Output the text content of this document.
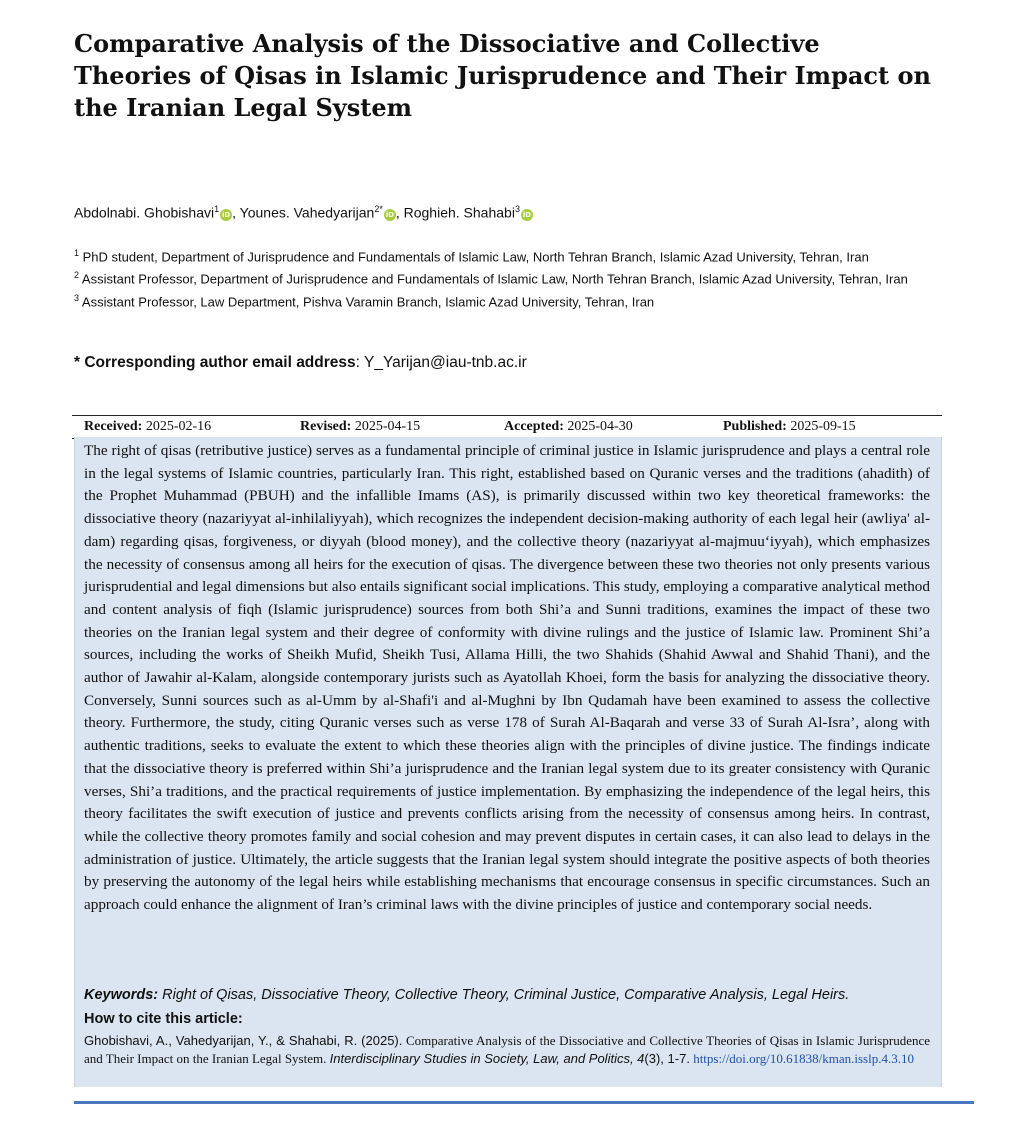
Comparative Analysis of the Dissociative and Collective Theories of Qisas in Islamic Jurisprudence and Their Impact on the Iranian Legal System
Abdolnabi. Ghobishavi$^1$iD , Younes. Vahedyarijan$^{2*}$iD , Roghieh. Shahabi$^3$iD
$^1$ PhD student, Department of Jurisprudence and Fundamentals of Islamic Law, North Tehran Branch, Islamic Azad University, Tehran, Iran
$^2$ Assistant Professor, Department of Jurisprudence and Fundamentals of Islamic Law, North Tehran Branch, Islamic Azad University, Tehran, Iran
$^3$ Assistant Professor, Law Department, Pishva Varamin Branch, Islamic Azad University, Tehran, Iran
* Corresponding author email address: Y_Yarijan@iau-tnb.ac.ir
Received: 2025-02-16	Revised: 2025-04-15	Accepted: 2025-04-30	Published: 2025-09-15

The right of qisas (retributive justice) serves as a fundamental principle of criminal justice in Islamic jurisprudence and plays a central role in the legal systems of Islamic countries, particularly Iran. This right, established based on Quranic verses and the traditions (ahadith) of the Prophet Muhammad (PBUH) and the infallible Imams (AS), is primarily discussed within two key theoretical frameworks: the dissociative theory (nazariyyat al-inhilaliyyah), which recognizes the independent decision-making authority of each legal heir (awliya' al-dam) regarding qisas, forgiveness, or diyyah (blood money), and the collective theory (nazariyyat al-majmuu‘iyyah), which emphasizes the necessity of consensus among all heirs for the execution of qisas. The divergence between these two theories not only presents various jurisprudential and legal dimensions but also entails significant social implications. This study, employing a comparative analytical method and content analysis of fiqh (Islamic jurisprudence) sources from both Shi’a and Sunni traditions, examines the impact of these two theories on the Iranian legal system and their degree of conformity with divine rulings and the justice of Islamic law. Prominent Shi’a sources, including the works of Sheikh Mufid, Sheikh Tusi, Allama Hilli, the two Shahids (Shahid Awwal and Shahid Thani), and the author of Jawahir al-Kalam, alongside contemporary jurists such as Ayatollah Khoei, form the basis for analyzing the dissociative theory. Conversely, Sunni sources such as al-Umm by al-Shafi'i and al-Mughni by Ibn Qudamah have been examined to assess the collective theory. Furthermore, the study, citing Quranic verses such as verse 178 of Surah Al-Baqarah and verse 33 of Surah Al-Isra’, along with authentic traditions, seeks to evaluate the extent to which these theories align with the principles of divine justice. The findings indicate that the dissociative theory is preferred within Shi’a jurisprudence and the Iranian legal system due to its greater consistency with Quranic verses, Shi’a traditions, and the practical requirements of justice implementation. By emphasizing the independence of the legal heirs, this theory facilitates the swift execution of justice and prevents conflicts arising from the necessity of consensus among heirs. In contrast, while the collective theory promotes family and social cohesion and may prevent disputes in certain cases, it can also lead to delays in the administration of justice. Ultimately, the article suggests that the Iranian legal system should integrate the positive aspects of both theories by preserving the autonomy of the legal heirs while establishing mechanisms that encourage consensus in specific circumstances. Such an approach could enhance the alignment of Iran’s criminal laws with the divine principles of justice and contemporary social needs.

Keywords: Right of Qisas, Dissociative Theory, Collective Theory, Criminal Justice, Comparative Analysis, Legal Heirs.
How to cite this article:
Ghobishavi, A., Vahedyarijan, Y., & Shahabi, R. (2025). Comparative Analysis of the Dissociative and Collective Theories of Qisas in Islamic Jurisprudence and Their Impact on the Iranian Legal System. Interdisciplinary Studies in Society, Law, and Politics, 4(3), 1-7. https://doi.org/10.61838/kman.isslp.4.3.10
